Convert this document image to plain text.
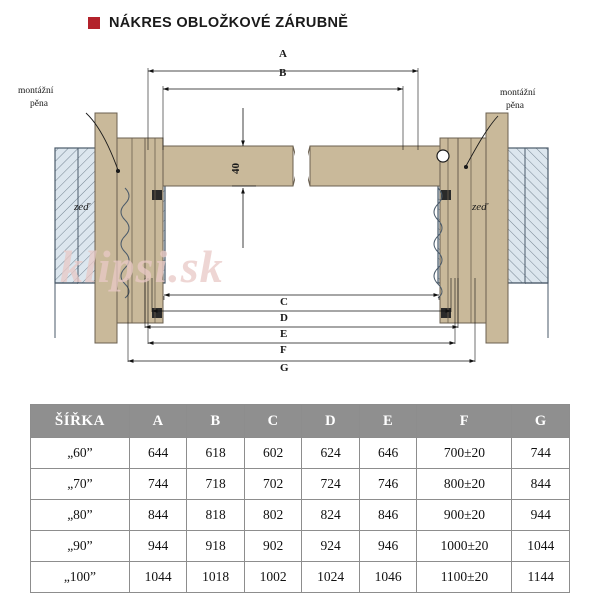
NÁKRES OBLOŽKOVÉ ZÁRUBNĚ
montážní
pěna
montážní
pěna
zeď	zeď
40
A
B
C
D
E
F
G
klipsi.sk
ŠÍŘKA	A	B	C	D	E	F	G
„60”	644	618	602	624	646	700±20	744
„70”	744	718	702	724	746	800±20	844
„80”	844	818	802	824	846	900±20	944
„90”	944	918	902	924	946	1000±20	1044
„100”	1044	1018	1002	1024	1046	1100±20	1144
